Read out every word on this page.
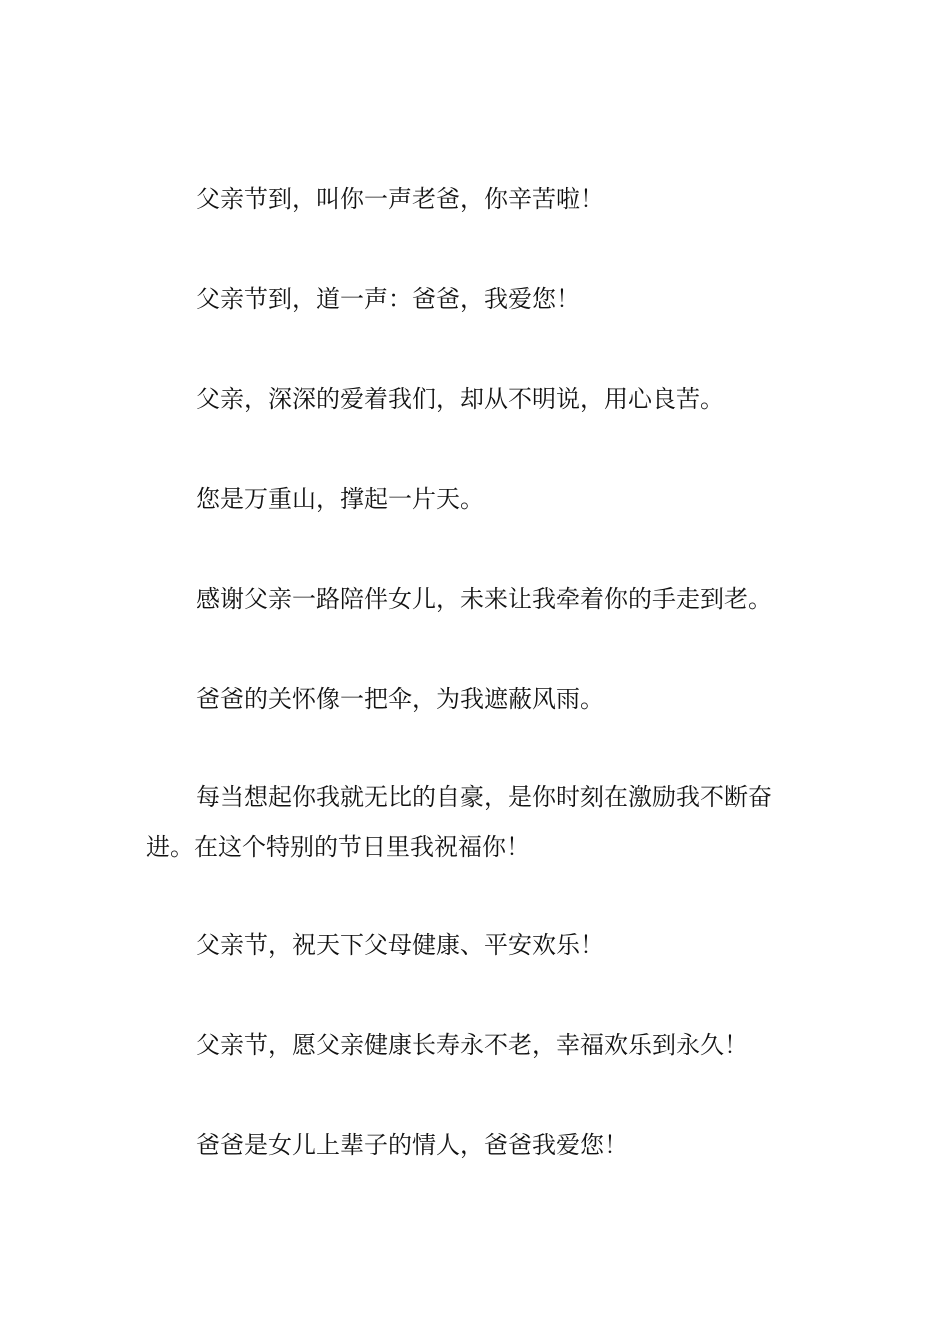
父亲节到，叫你一声老爸，你辛苦啦！

父亲节到，道一声：爸爸，我爱您！

父亲，深深的爱着我们，却从不明说，用心良苦。

您是万重山，撑起一片天。

感谢父亲一路陪伴女儿，未来让我牵着你的手走到老。

爸爸的关怀像一把伞，为我遮蔽风雨。

每当想起你我就无比的自豪，是你时刻在激励我不断奋进。在这个特别的节日里我祝福你！

父亲节，祝天下父母健康、平安欢乐！

父亲节，愿父亲健康长寿永不老，幸福欢乐到永久！

爸爸是女儿上辈子的情人，爸爸我爱您！
